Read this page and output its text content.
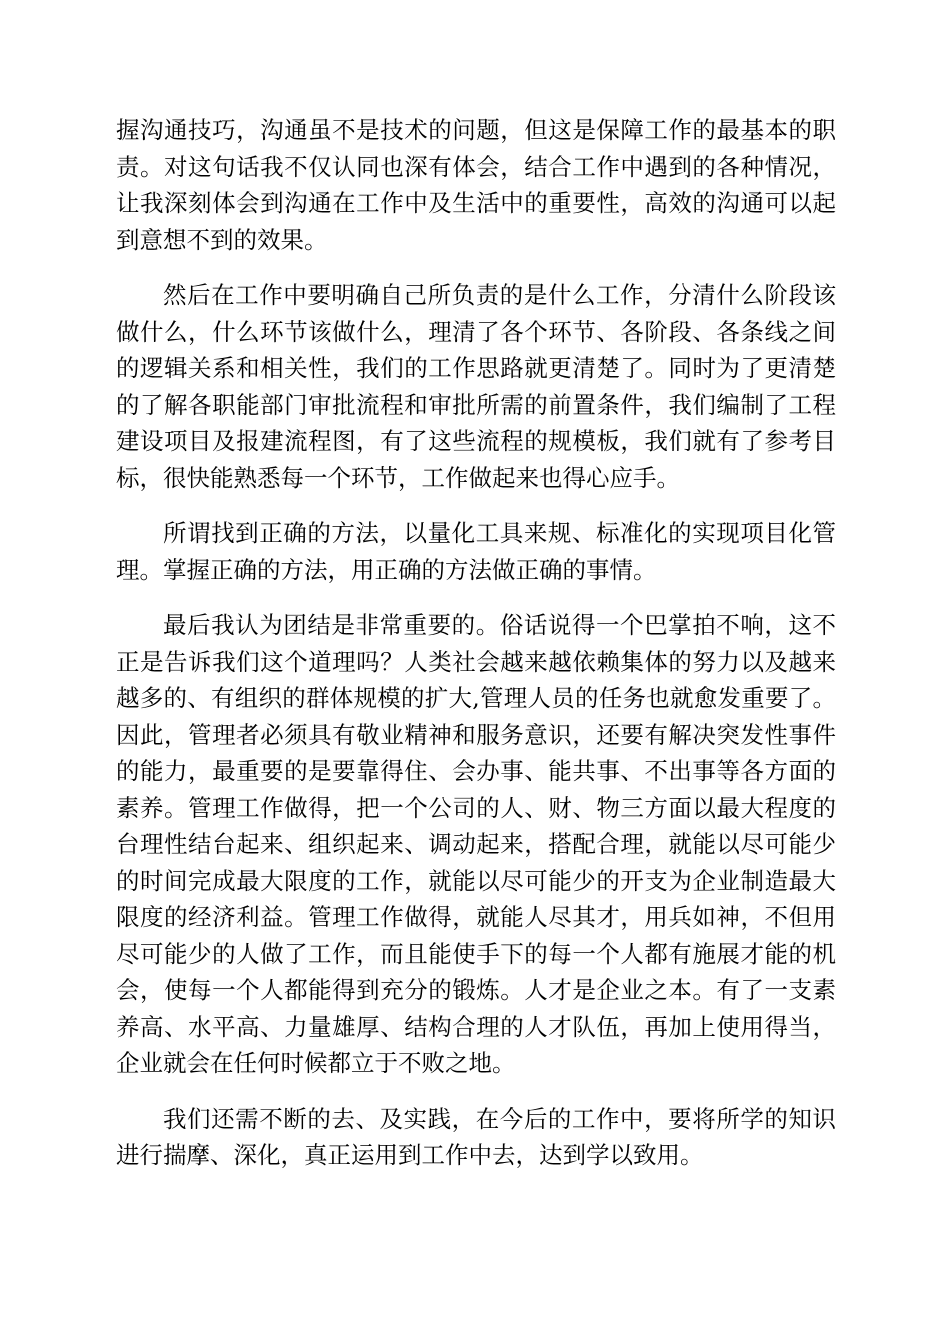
握沟通技巧，沟通虽不是技术的问题，但这是保障工作的最基本的职责。对这句话我不仅认同也深有体会，结合工作中遇到的各种情况，让我深刻体会到沟通在工作中及生活中的重要性，高效的沟通可以起到意想不到的效果。

然后在工作中要明确自己所负责的是什么工作，分清什么阶段该做什么，什么环节该做什么，理清了各个环节、各阶段、各条线之间的逻辑关系和相关性，我们的工作思路就更清楚了。同时为了更清楚的了解各职能部门审批流程和审批所需的前置条件，我们编制了工程建设项目及报建流程图，有了这些流程的规模板，我们就有了参考目标，很快能熟悉每一个环节，工作做起来也得心应手。

所谓找到正确的方法，以量化工具来规、标准化的实现项目化管理。掌握正确的方法，用正确的方法做正确的事情。

最后我认为团结是非常重要的。俗话说得一个巴掌拍不响，这不正是告诉我们这个道理吗？人类社会越来越依赖集体的努力以及越来越多的、有组织的群体规模的扩大,管理人员的任务也就愈发重要了。因此，管理者必须具有敬业精神和服务意识，还要有解决突发性事件的能力，最重要的是要靠得住、会办事、能共事、不出事等各方面的素养。管理工作做得，把一个公司的人、财、物三方面以最大程度的台理性结台起来、组织起来、调动起来，搭配合理，就能以尽可能少的时间完成最大限度的工作，就能以尽可能少的开支为企业制造最大限度的经济利益。管理工作做得，就能人尽其才，用兵如神，不但用尽可能少的人做了工作，而且能使手下的每一个人都有施展才能的机会，使每一个人都能得到充分的锻炼。人才是企业之本。有了一支素养高、水平高、力量雄厚、结构合理的人才队伍，再加上使用得当，企业就会在任何时候都立于不败之地。

我们还需不断的去、及实践，在今后的工作中，要将所学的知识进行揣摩、深化，真正运用到工作中去，达到学以致用。
